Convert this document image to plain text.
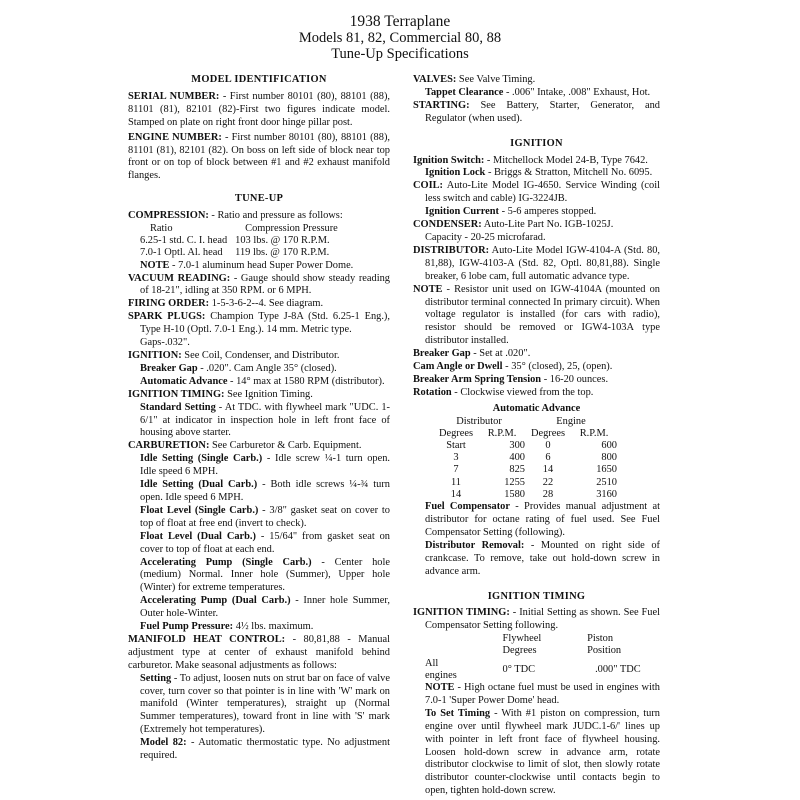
1938 Terraplane
Models 81, 82, Commercial 80, 88
Tune-Up Specifications
MODEL IDENTIFICATION

SERIAL NUMBER: - First number 80101 (80), 88101 (88), 81101 (81), 82101 (82)-First two figures indicate model. Stamped on plate on right front door hinge pillar post.

ENGINE NUMBER: - First number 80101 (80), 88101 (88), 81101 (81), 82101 (82). On boss on left side of block near top front or on top of block between #1 and #2 exhaust manifold flanges.

TUNE-UP

COMPRESSION: - Ratio and pressure as follows:

Ratio	Compression Pressure
6.25-1 std. C. I. head	103 lbs. @ 170 R.P.M.
7.0-1 Optl. Al. head	119 lbs. @ 170 R.P.M.

NOTE - 7.0-1 aluminum head Super Power Dome.

VACUUM READING: - Gauge should show steady reading of 18-21", idling at 350 RPM. or 6 MPH.

FIRING ORDER: 1-5-3-6-2--4. See diagram.

SPARK PLUGS: Champion Type J-8A (Std. 6.25-1 Eng.), Type H-10 (Optl. 7.0-1 Eng.). 14 mm. Metric type.

Gaps-.032".

IGNITION: See Coil, Condenser, and Distributor.

Breaker Gap - .020". Cam Angle 35° (closed).

Automatic Advance - 14° max at 1580 RPM (distributor).

IGNITION TIMING: See Ignition Timing.

Standard Setting - At TDC. with flywheel mark "UDC. 1-6/1" at indicator in inspection hole in left front face of housing above starter.

CARBURETION: See Carburetor & Carb. Equipment.

Idle Setting (Single Carb.) - Idle screw ¼-1 turn open. Idle speed 6 MPH.

Idle Setting (Dual Carb.) - Both idle screws ¼-¾ turn open. Idle speed 6 MPH.

Float Level (Single Carb.) - 3/8" gasket seat on cover to top of float at free end (invert to check).

Float Level (Dual Carb.) - 15/64" from gasket seat on cover to top of float at each end.

Accelerating Pump (Single Carb.) - Center hole (medium) Normal. Inner hole (Summer), Upper hole (Winter) for extreme temperatures.

Accelerating Pump (Dual Carb.) - Inner hole Summer, Outer hole-Winter.

Fuel Pump Pressure: 4½ lbs. maximum.

MANIFOLD HEAT CONTROL: - 80,81,88 - Manual adjustment type at center of exhaust manifold behind carburetor. Make seasonal adjustments as follows:

Setting - To adjust, loosen nuts on strut bar on face of valve cover, turn cover so that pointer is in line with 'W' mark on manifold (Winter temperatures), straight up (Normal Summer temperatures), toward front in line with 'S' mark (Extremely hot temperatures).

Model 82: - Automatic thermostatic type. No adjustment required.

VALVES: See Valve Timing.

Tappet Clearance - .006" Intake, .008" Exhaust, Hot.

STARTING: See Battery, Starter, Generator, and Regulator (when used).

IGNITION

Ignition Switch: - Mitchellock Model 24-B, Type 7642.

Ignition Lock - Briggs & Stratton, Mitchell No. 6095.

COIL: Auto-Lite Model IG-4650. Service Winding (coil less switch and cable) IG-3224JB.

Ignition Current - 5-6 amperes stopped.

CONDENSER: Auto-Lite Part No. IGB-1025J.

Capacity - 20-25 microfarad.

DISTRIBUTOR: Auto-Lite Model IGW-4104-A (Std. 80, 81,88), IGW-4103-A (Std. 82, Optl. 80,81,88). Single breaker, 6 lobe cam, full automatic advance type.

NOTE - Resistor unit used on IGW-4104A (mounted on distributor terminal connected In primary circuit). When voltage regulator is installed (for cars with radio), resistor should be removed or IGW4-103A type distributor installed.

Breaker Gap - Set at .020".

Cam Angle or Dwell - 35° (closed), 25, (open).

Breaker Arm Spring Tension - 16-20 ounces.

Rotation - Clockwise viewed from the top.

Automatic Advance
Distributor		Engine	
Degrees	R.P.M.	Degrees	R.P.M.
Start	300	0	600
3	400	6	800
7	825	14	1650
11	1255	22	2510
14	1580	28	3160

Fuel Compensator - Provides manual adjustment at distributor for octane rating of fuel used. See Fuel Compensator Setting (following).

Distributor Removal: - Mounted on right side of crankcase. To remove, take out hold-down screw in advance arm.

IGNITION TIMING

IGNITION TIMING: - Initial Setting as shown. See Fuel Compensator Setting following.

	Flywheel Degrees	Piston Position
All engines	0° TDC	.000" TDC

NOTE - High octane fuel must be used in engines with 7.0-1 'Super Power Dome' head.

To Set Timing - With #1 piston on compression, turn engine over until flywheel mark JUDC.1-6/' lines up with pointer in left front face of flywheel housing. Loosen hold-down screw in advance arm, rotate distributor clockwise to limit of slot, then slowly rotate distributor counter-clockwise until contacts begin to open, tighten hold-down screw.
